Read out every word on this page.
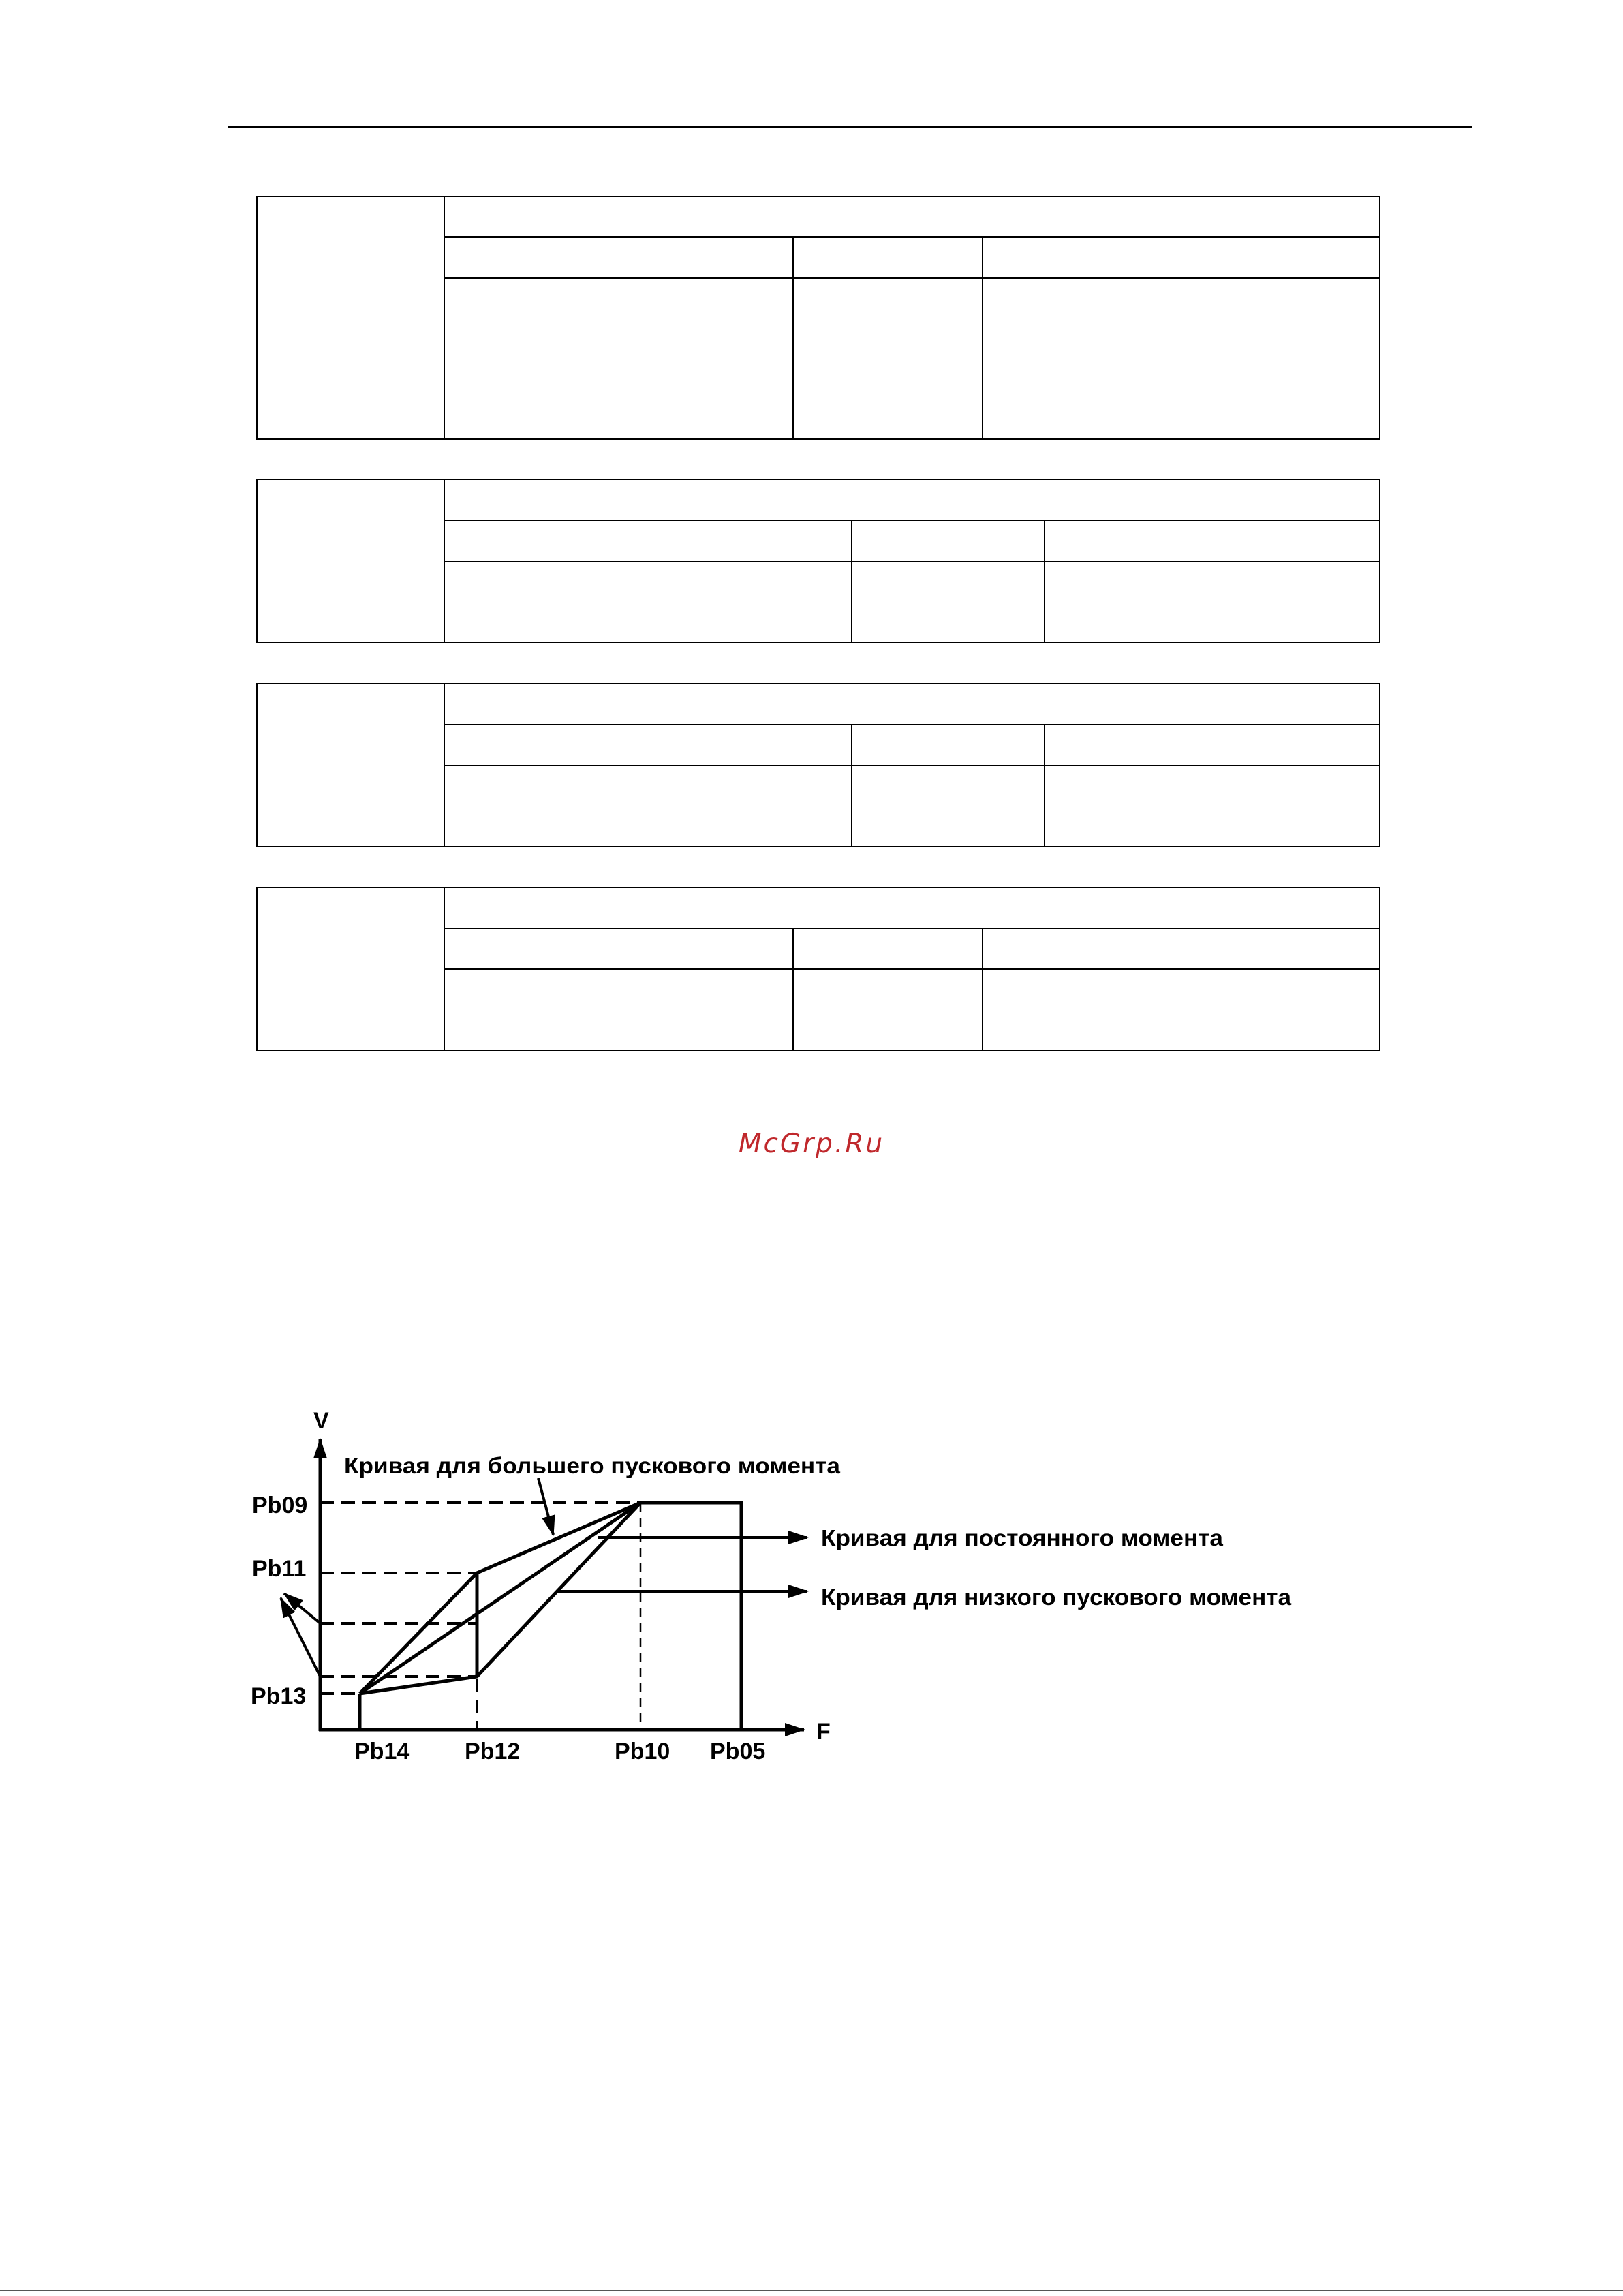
McGrp.Ru
V
F
Pb09
Pb11
Pb13
Pb14 Pb12	Pb10 Pb05
Кривая для большего пускового момента
Кривая для постоянного момента
Кривая для низкого пускового момента
